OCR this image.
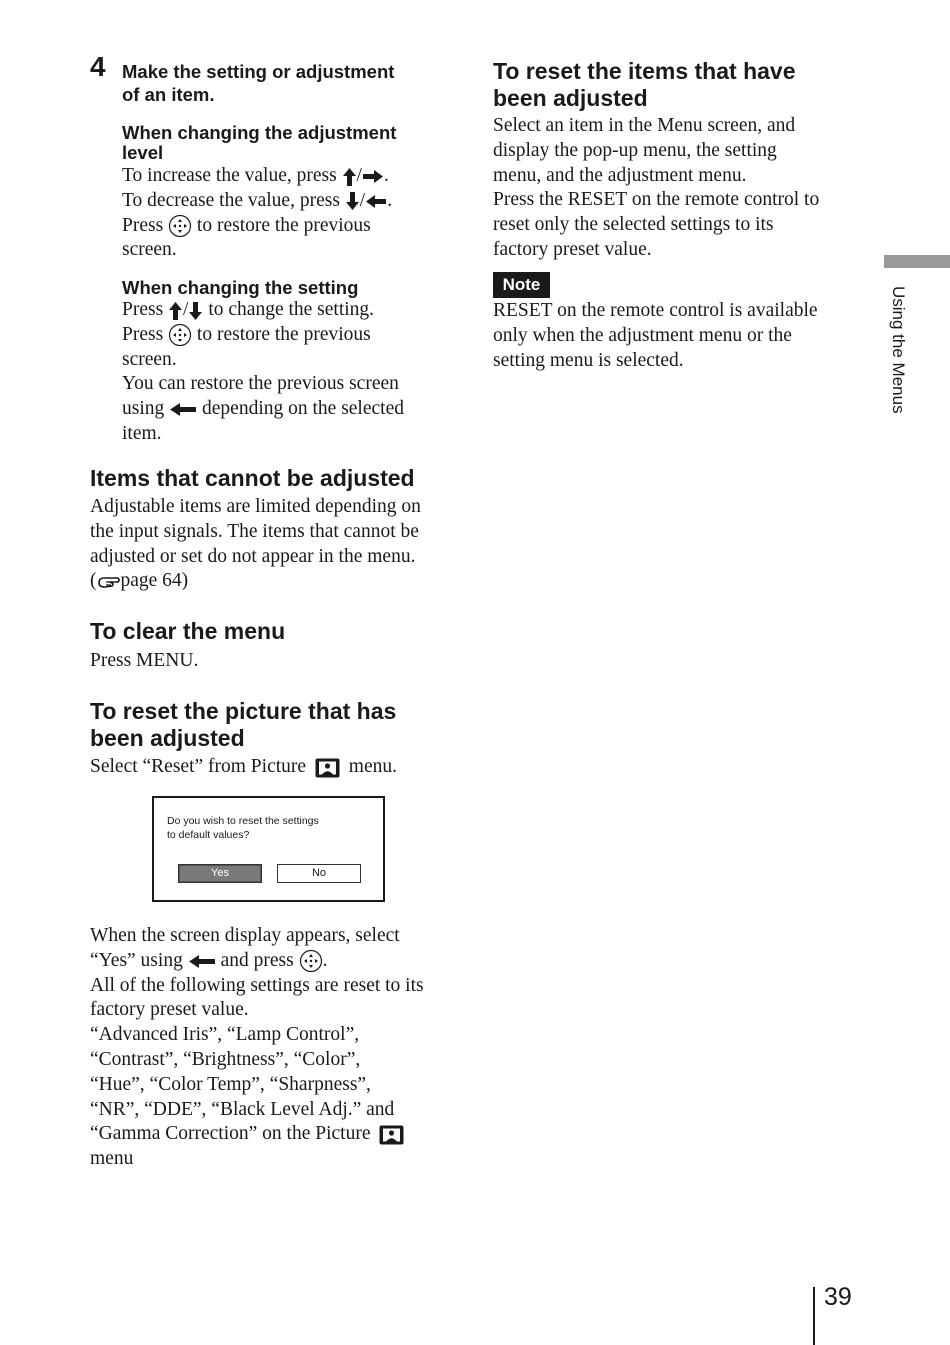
4 Make the setting or adjustment
of an item.
When changing the adjustment
level
To increase the value, press / .
To decrease the value, press / .
Press to restore the previous
screen.
When changing the setting
Press / to change the setting.
Press to restore the previous
screen.
You can restore the previous screen
using depending on the selected
item.
Items that cannot be adjusted
Adjustable items are limited depending on
the input signals. The items that cannot be
adjusted or set do not appear in the menu.
( page 64)
To clear the menu
Press MENU.
To reset the picture that has
been adjusted
Select “Reset” from Picture menu.
Do you wish to reset the settings
to default values?
Yes	No
When the screen display appears, select
“Yes” using and press .
All of the following settings are reset to its
factory preset value.
“Advanced Iris”, “Lamp Control”,
“Contrast”, “Brightness”, “Color”,
“Hue”, “Color Temp”, “Sharpness”,
“NR”, “DDE”, “Black Level Adj.” and
“Gamma Correction” on the Picture
menu
To reset the items that have
been adjusted
Select an item in the Menu screen, and
display the pop-up menu, the setting
menu, and the adjustment menu.
Press the RESET on the remote control to
reset only the selected settings to its
factory preset value.
Note
RESET on the remote control is available
only when the adjustment menu or the
setting menu is selected.	Using the Menus
39
